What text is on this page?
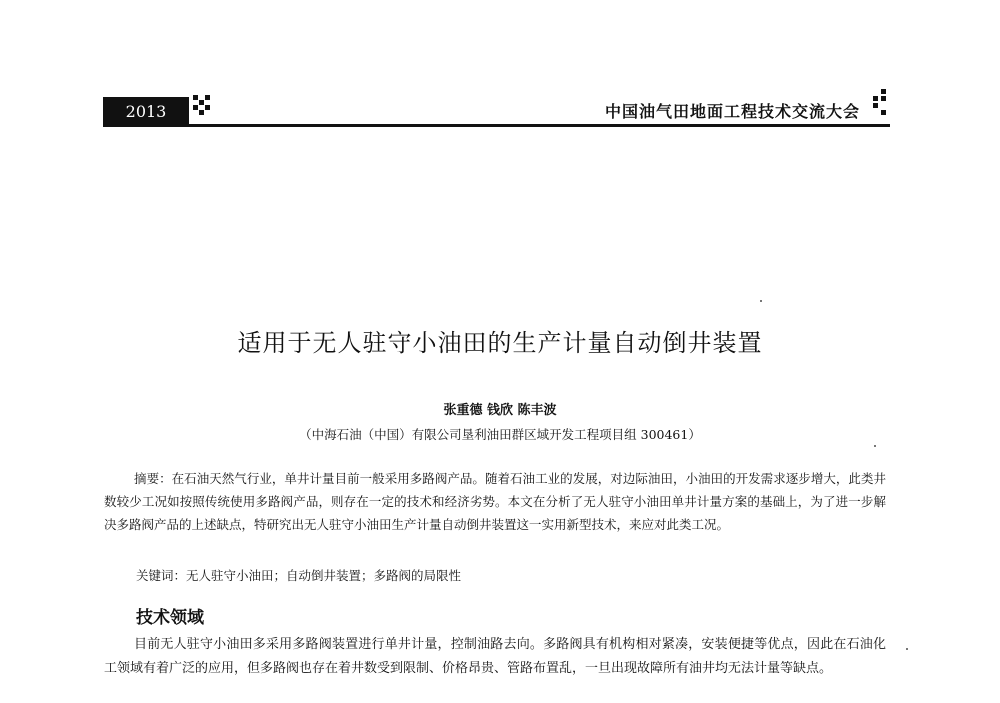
2013	中国油气田地面工程技术交流大会
适用于无人驻守小油田的生产计量自动倒井装置
张重德 钱欣 陈丰波
（中海石油（中国）有限公司垦利油田群区域开发工程项目组 300461）
摘要：在石油天然气行业，单井计量目前一般采用多路阀产品。随着石油工业的发展，对边际油田，小油田的开发需求逐步增大，此类井数较少工况如按照传统使用多路阀产品，则存在一定的技术和经济劣势。本文在分析了无人驻守小油田单井计量方案的基础上，为了进一步解决多路阀产品的上述缺点，特研究出无人驻守小油田生产计量自动倒井装置这一实用新型技术，来应对此类工况。
关键词：无人驻守小油田；自动倒井装置；多路阀的局限性
技术领域
目前无人驻守小油田多采用多路阀装置进行单井计量，控制油路去向。多路阀具有机构相对紧凑，安装便捷等优点，因此在石油化工领域有着广泛的应用，但多路阀也存在着井数受到限制、价格昂贵、管路布置乱，一旦出现故障所有油井均无法计量等缺点。
